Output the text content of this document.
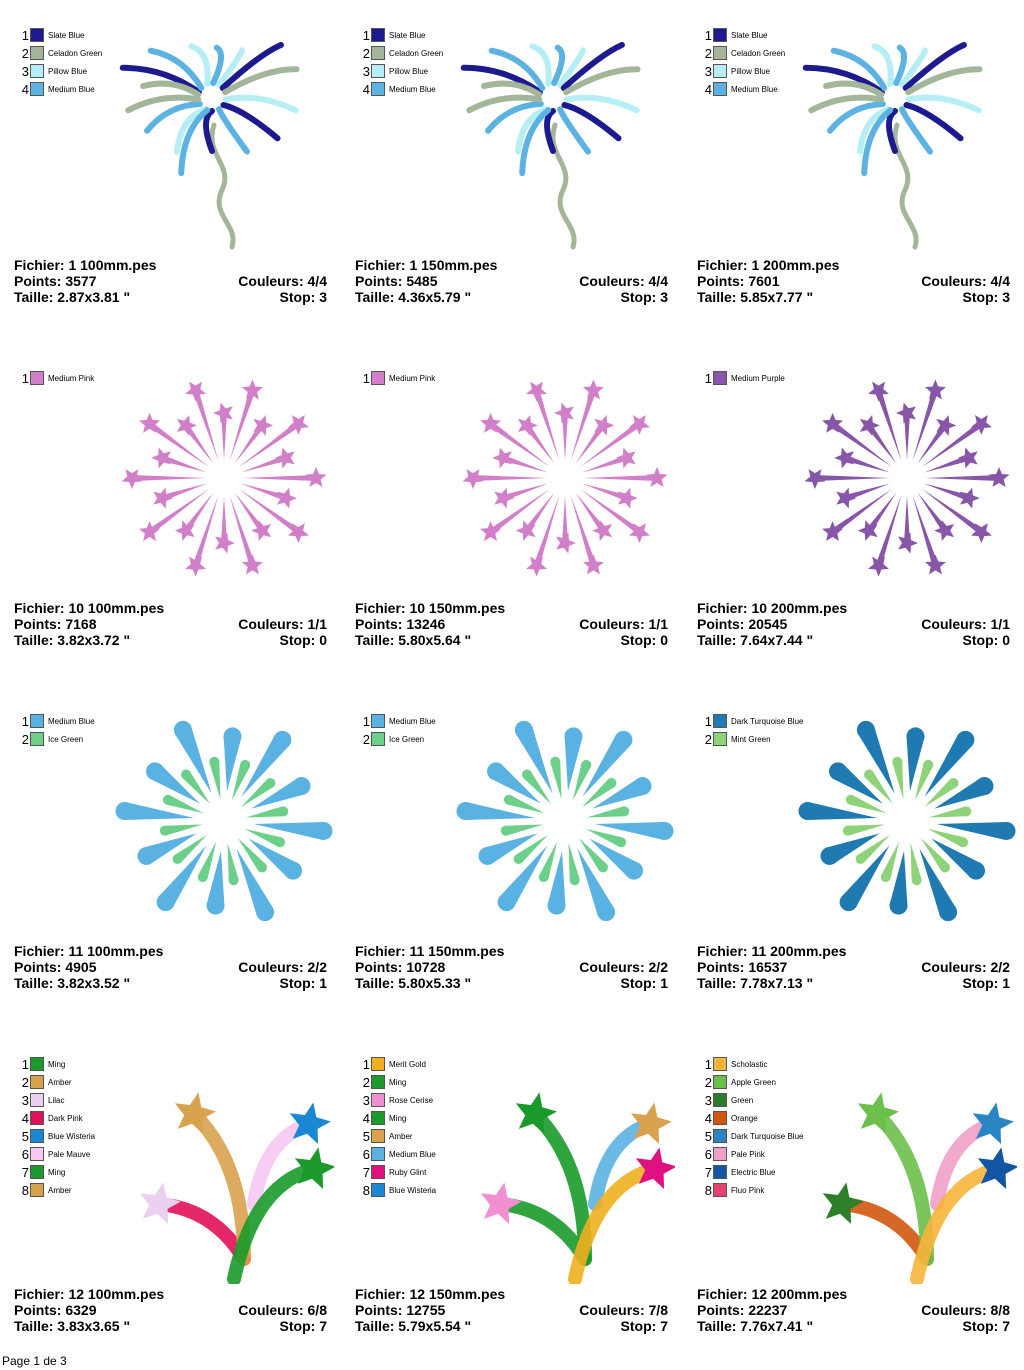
1 Slate Blue
2 Celadon Green
3 Pillow Blue
4 Medium Blue
Fichier: 1 100mm.pes
Points: 3577	Couleurs: 4/4
Taille: 2.87x3.81 "	Stop: 3
1 Slate Blue
2 Celadon Green
3 Pillow Blue
4 Medium Blue
Fichier: 1 150mm.pes
Points: 5485	Couleurs: 4/4
Taille: 4.36x5.79 "	Stop: 3
1 Slate Blue
2 Celadon Green
3 Pillow Blue
4 Medium Blue
Fichier: 1 200mm.pes
Points: 7601	Couleurs: 4/4
Taille: 5.85x7.77 "	Stop: 3
1 Medium Pink
Fichier: 10 100mm.pes
Points: 7168	Couleurs: 1/1
Taille: 3.82x3.72 "	Stop: 0
1 Medium Pink
Fichier: 10 150mm.pes
Points: 13246	Couleurs: 1/1
Taille: 5.80x5.64 "	Stop: 0
1 Medium Purple
Fichier: 10 200mm.pes
Points: 20545	Couleurs: 1/1
Taille: 7.64x7.44 "	Stop: 0
1 Medium Blue
2 Ice Green
Fichier: 11 100mm.pes
Points: 4905	Couleurs: 2/2
Taille: 3.82x3.52 "	Stop: 1
1 Medium Blue
2 Ice Green
Fichier: 11 150mm.pes
Points: 10728	Couleurs: 2/2
Taille: 5.80x5.33 "	Stop: 1
1 Dark Turquoise Blue
2 Mint Green
Fichier: 11 200mm.pes
Points: 16537	Couleurs: 2/2
Taille: 7.78x7.13 "	Stop: 1
1 Ming
2 Amber
3 Lilac
4 Dark Pink
5 Blue Wisteria
6 Pale Mauve
7 Ming
8 Amber
Fichier: 12 100mm.pes
Points: 6329	Couleurs: 6/8
Taille: 3.83x3.65 "	Stop: 7
1 Merit Gold
2 Ming
3 Rose Cerise
4 Ming
5 Amber
6 Medium Blue
7 Ruby Glint
8 Blue Wisteria
Fichier: 12 150mm.pes
Points: 12755	Couleurs: 7/8
Taille: 5.79x5.54 "	Stop: 7
1 Scholastic
2 Apple Green
3 Green
4 Orange
5 Dark Turquoise Blue
6 Pale Pink
7 Electric Blue
8 Fluo Pink
Fichier: 12 200mm.pes
Points: 22237	Couleurs: 8/8
Taille: 7.76x7.41 "	Stop: 7
Page 1 de 3
